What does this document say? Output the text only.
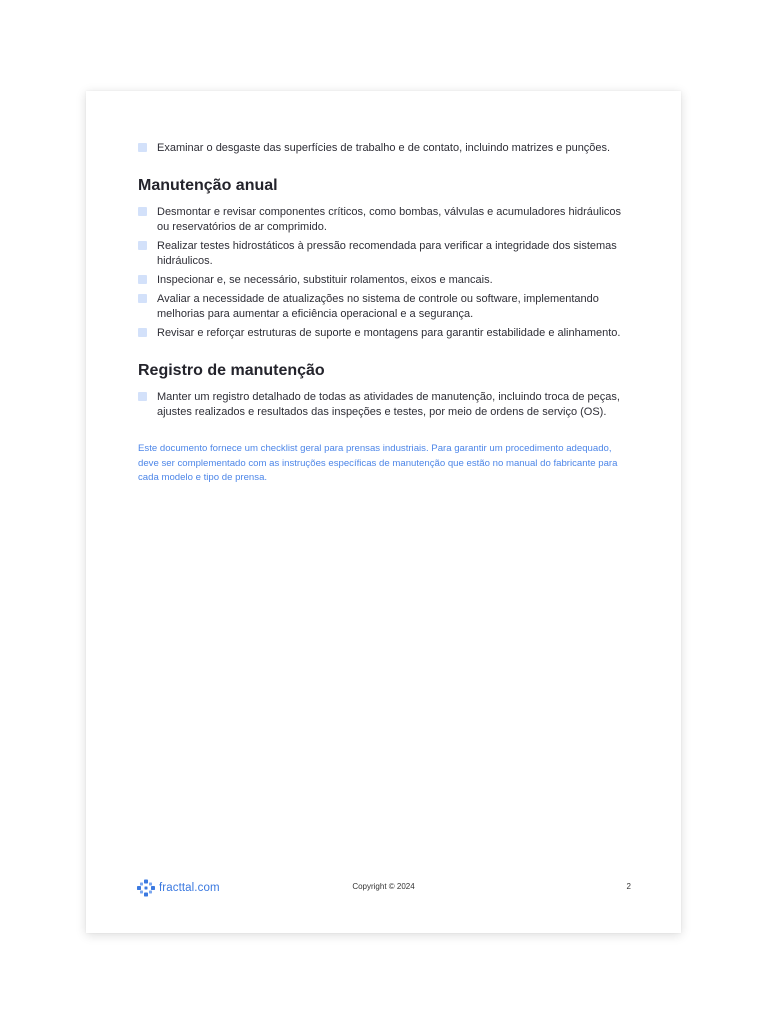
Examinar o desgaste das superfícies de trabalho e de contato, incluindo matrizes e punções.
Manutenção anual
Desmontar e revisar componentes críticos, como bombas, válvulas e acumuladores hidráulicos ou reservatórios de ar comprimido.
Realizar testes hidrostáticos à pressão recomendada para verificar a integridade dos sistemas hidráulicos.
Inspecionar e, se necessário, substituir rolamentos, eixos e mancais.
Avaliar a necessidade de atualizações no sistema de controle ou software, implementando melhorias para aumentar a eficiência operacional e a segurança.
Revisar e reforçar estruturas de suporte e montagens para garantir estabilidade e alinhamento.
Registro de manutenção
Manter um registro detalhado de todas as atividades de manutenção, incluindo troca de peças, ajustes realizados e resultados das inspeções e testes, por meio de ordens de serviço (OS).

Este documento fornece um checklist geral para prensas industriais. Para garantir um procedimento adequado, deve ser complementado com as instruções específicas de manutenção que estão no manual do fabricante para cada modelo e tipo de prensa.

fracttal.com	Copyright © 2024	2
